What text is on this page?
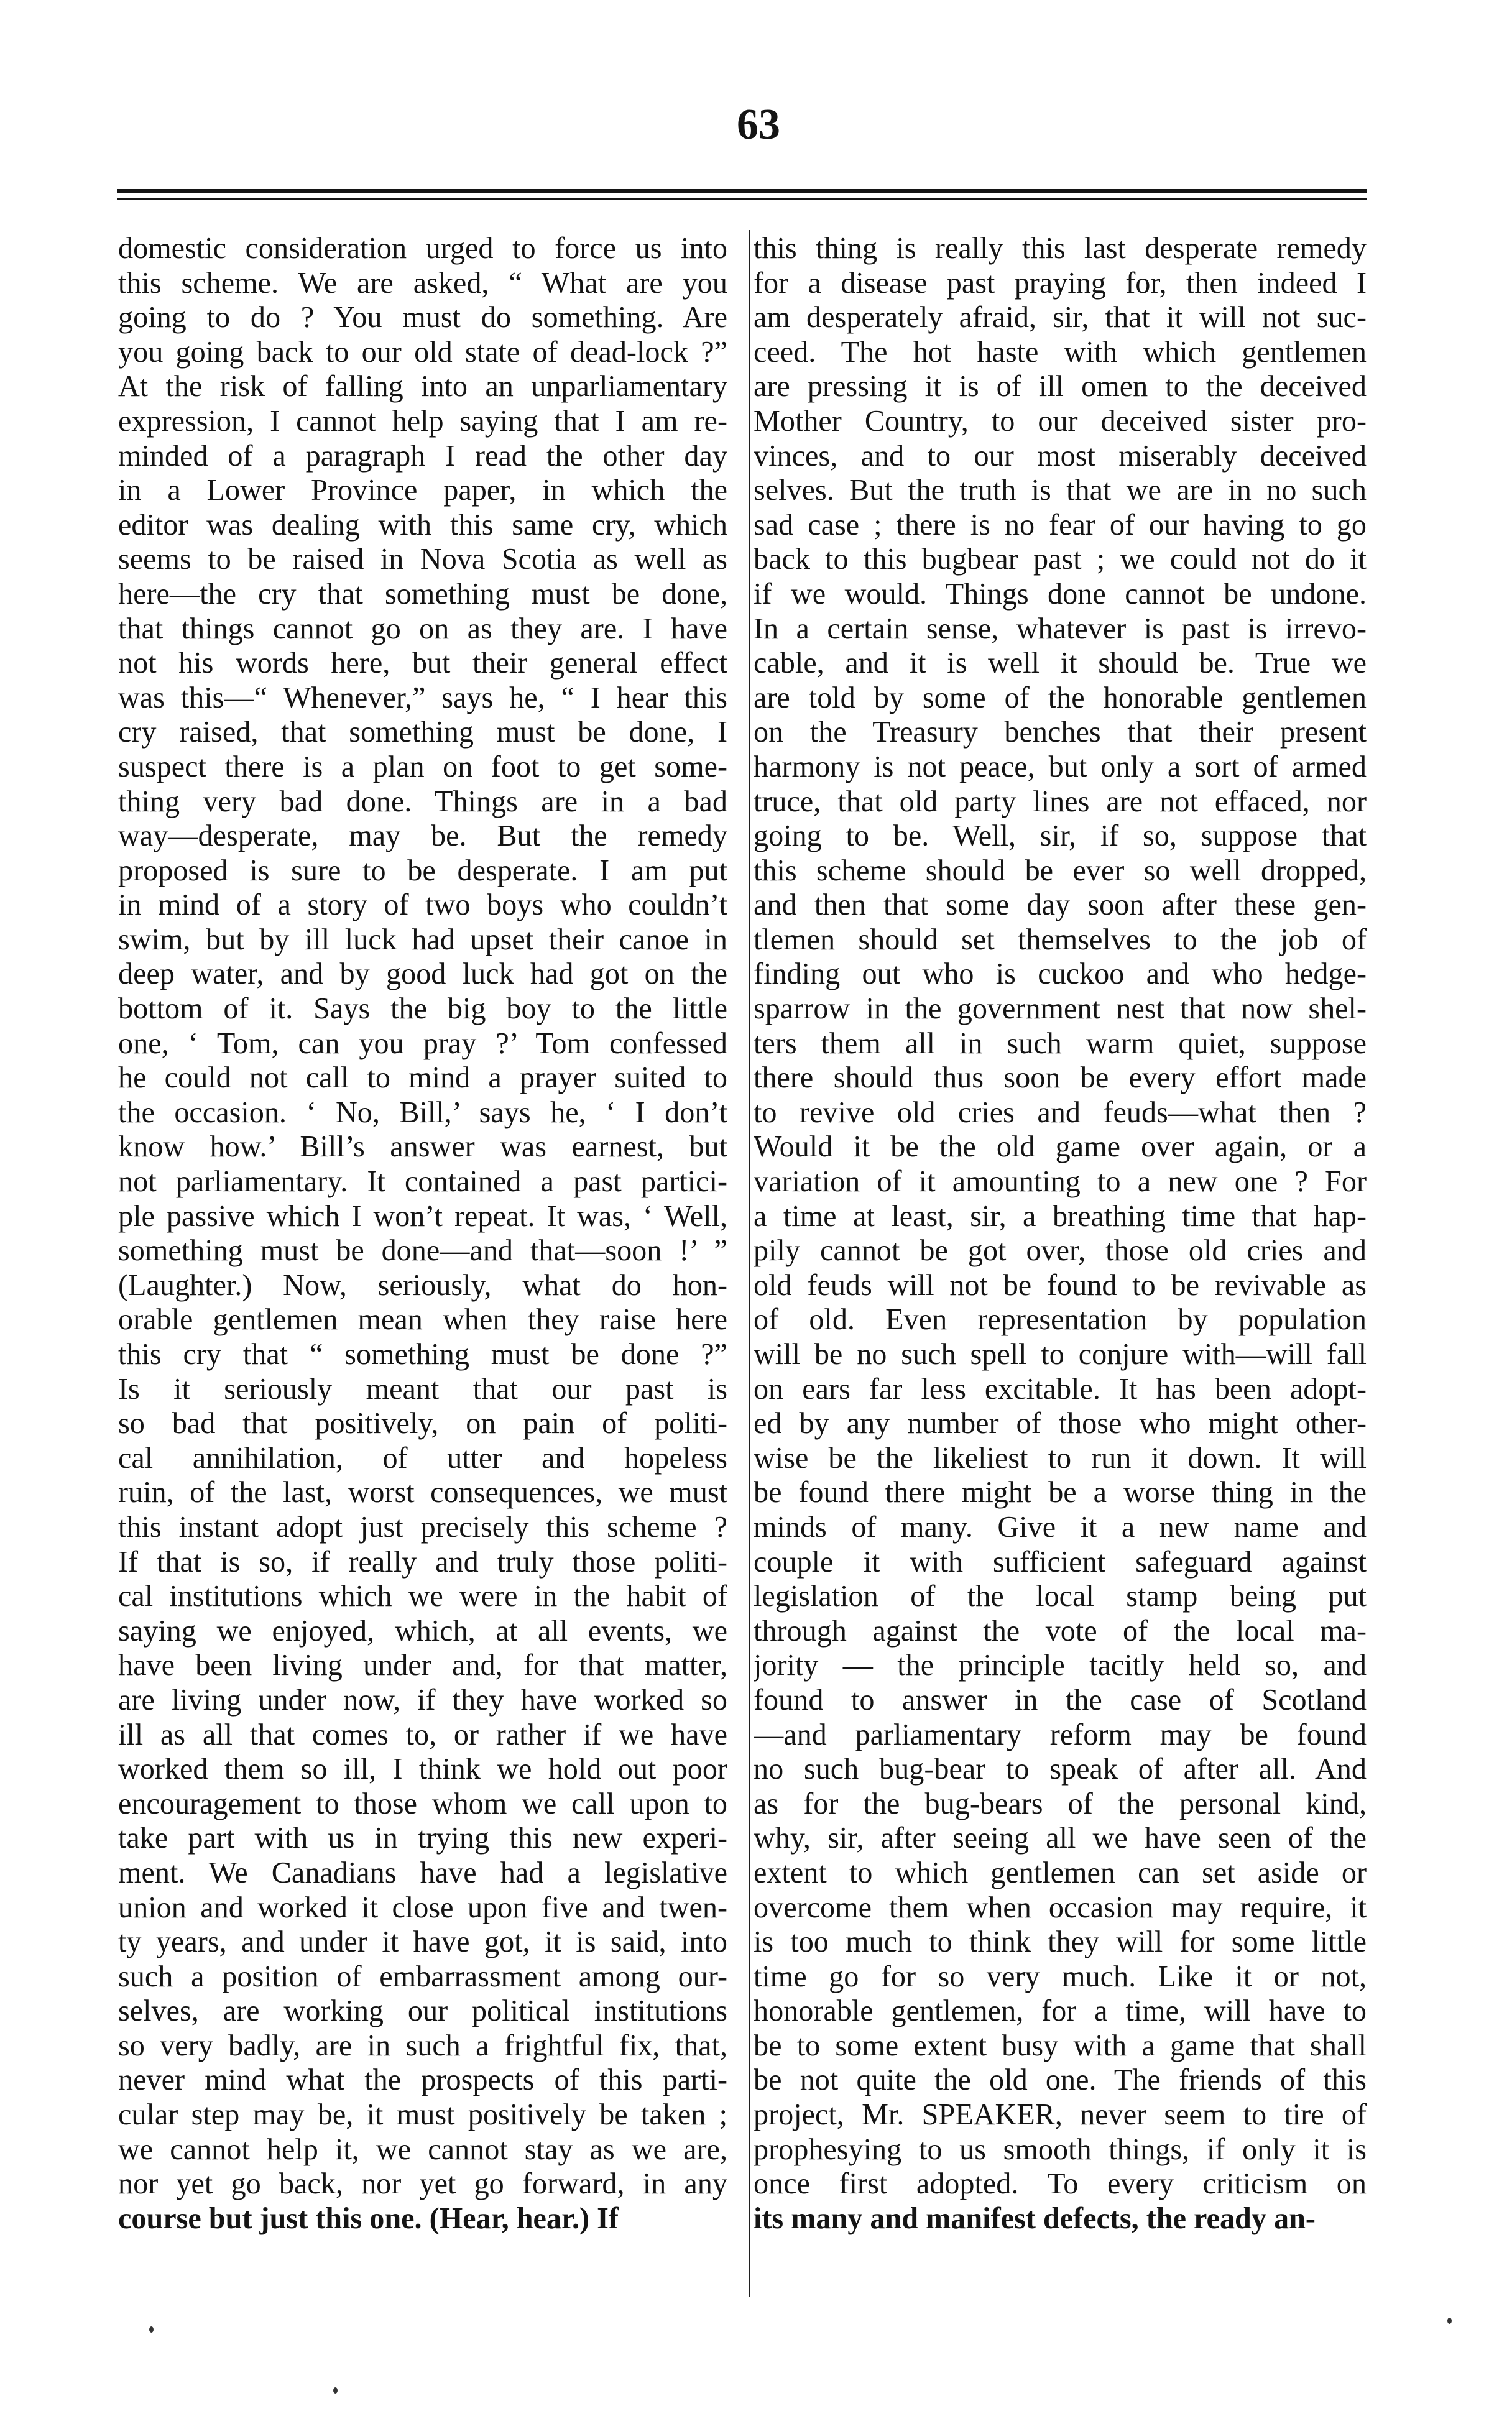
63
domestic consideration urged to force us into
this scheme. We are asked, “ What are you
going to do ? You must do something. Are
you going back to our old state of dead-lock ?”
At the risk of falling into an unparliamentary
expression, I cannot help saying that I am re-
minded of a paragraph I read the other day
in a Lower Province paper, in which the
editor was dealing with this same cry, which
seems to be raised in Nova Scotia as well as
here—the cry that something must be done,
that things cannot go on as they are. I have
not his words here, but their general effect
was this—“ Whenever,” says he, “ I hear this
cry raised, that something must be done, I
suspect there is a plan on foot to get some-
thing very bad done. Things are in a bad
way—desperate, may be. But the remedy
proposed is sure to be desperate. I am put
in mind of a story of two boys who couldn’t
swim, but by ill luck had upset their canoe in
deep water, and by good luck had got on the
bottom of it. Says the big boy to the little
one, ‘ Tom, can you pray ?’ Tom confessed
he could not call to mind a prayer suited to
the occasion. ‘ No, Bill,’ says he, ‘ I don’t
know how.’ Bill’s answer was earnest, but
not parliamentary. It contained a past partici-
ple passive which I won’t repeat. It was, ‘ Well,
something must be done—and that—soon !’ ”
(Laughter.) Now, seriously, what do hon-
orable gentlemen mean when they raise here
this cry that “ something must be done ?”
Is it seriously meant that our past is
so bad that positively, on pain of politi-
cal annihilation, of utter and hopeless
ruin, of the last, worst consequences, we must
this instant adopt just precisely this scheme ?
If that is so, if really and truly those politi-
cal institutions which we were in the habit of
saying we enjoyed, which, at all events, we
have been living under and, for that matter,
are living under now, if they have worked so
ill as all that comes to, or rather if we have
worked them so ill, I think we hold out poor
encouragement to those whom we call upon to
take part with us in trying this new experi-
ment. We Canadians have had a legislative
union and worked it close upon five and twen-
ty years, and under it have got, it is said, into
such a position of embarrassment among our-
selves, are working our political institutions
so very badly, are in such a frightful fix, that,
never mind what the prospects of this parti-
cular step may be, it must positively be taken ;
we cannot help it, we cannot stay as we are,
nor yet go back, nor yet go forward, in any
course but just this one. (Hear, hear.) If
this thing is really this last desperate remedy
for a disease past praying for, then indeed I
am desperately afraid, sir, that it will not suc-
ceed. The hot haste with which gentlemen
are pressing it is of ill omen to the deceived
Mother Country, to our deceived sister pro-
vinces, and to our most miserably deceived
selves. But the truth is that we are in no such
sad case ; there is no fear of our having to go
back to this bugbear past ; we could not do it
if we would. Things done cannot be undone.
In a certain sense, whatever is past is irrevo-
cable, and it is well it should be. True we
are told by some of the honorable gentlemen
on the Treasury benches that their present
harmony is not peace, but only a sort of armed
truce, that old party lines are not effaced, nor
going to be. Well, sir, if so, suppose that
this scheme should be ever so well dropped,
and then that some day soon after these gen-
tlemen should set themselves to the job of
finding out who is cuckoo and who hedge-
sparrow in the government nest that now shel-
ters them all in such warm quiet, suppose
there should thus soon be every effort made
to revive old cries and feuds—what then ?
Would it be the old game over again, or a
variation of it amounting to a new one ? For
a time at least, sir, a breathing time that hap-
pily cannot be got over, those old cries and
old feuds will not be found to be revivable as
of old. Even representation by population
will be no such spell to conjure with—will fall
on ears far less excitable. It has been adopt-
ed by any number of those who might other-
wise be the likeliest to run it down. It will
be found there might be a worse thing in the
minds of many. Give it a new name and
couple it with sufficient safeguard against
legislation of the local stamp being put
through against the vote of the local ma-
jority — the principle tacitly held so, and
found to answer in the case of Scotland
—and parliamentary reform may be found
no such bug-bear to speak of after all. And
as for the bug-bears of the personal kind,
why, sir, after seeing all we have seen of the
extent to which gentlemen can set aside or
overcome them when occasion may require, it
is too much to think they will for some little
time go for so very much. Like it or not,
honorable gentlemen, for a time, will have to
be to some extent busy with a game that shall
be not quite the old one. The friends of this
project, Mr. SPEAKER, never seem to tire of
prophesying to us smooth things, if only it is
once first adopted. To every criticism on
its many and manifest defects, the ready an-
